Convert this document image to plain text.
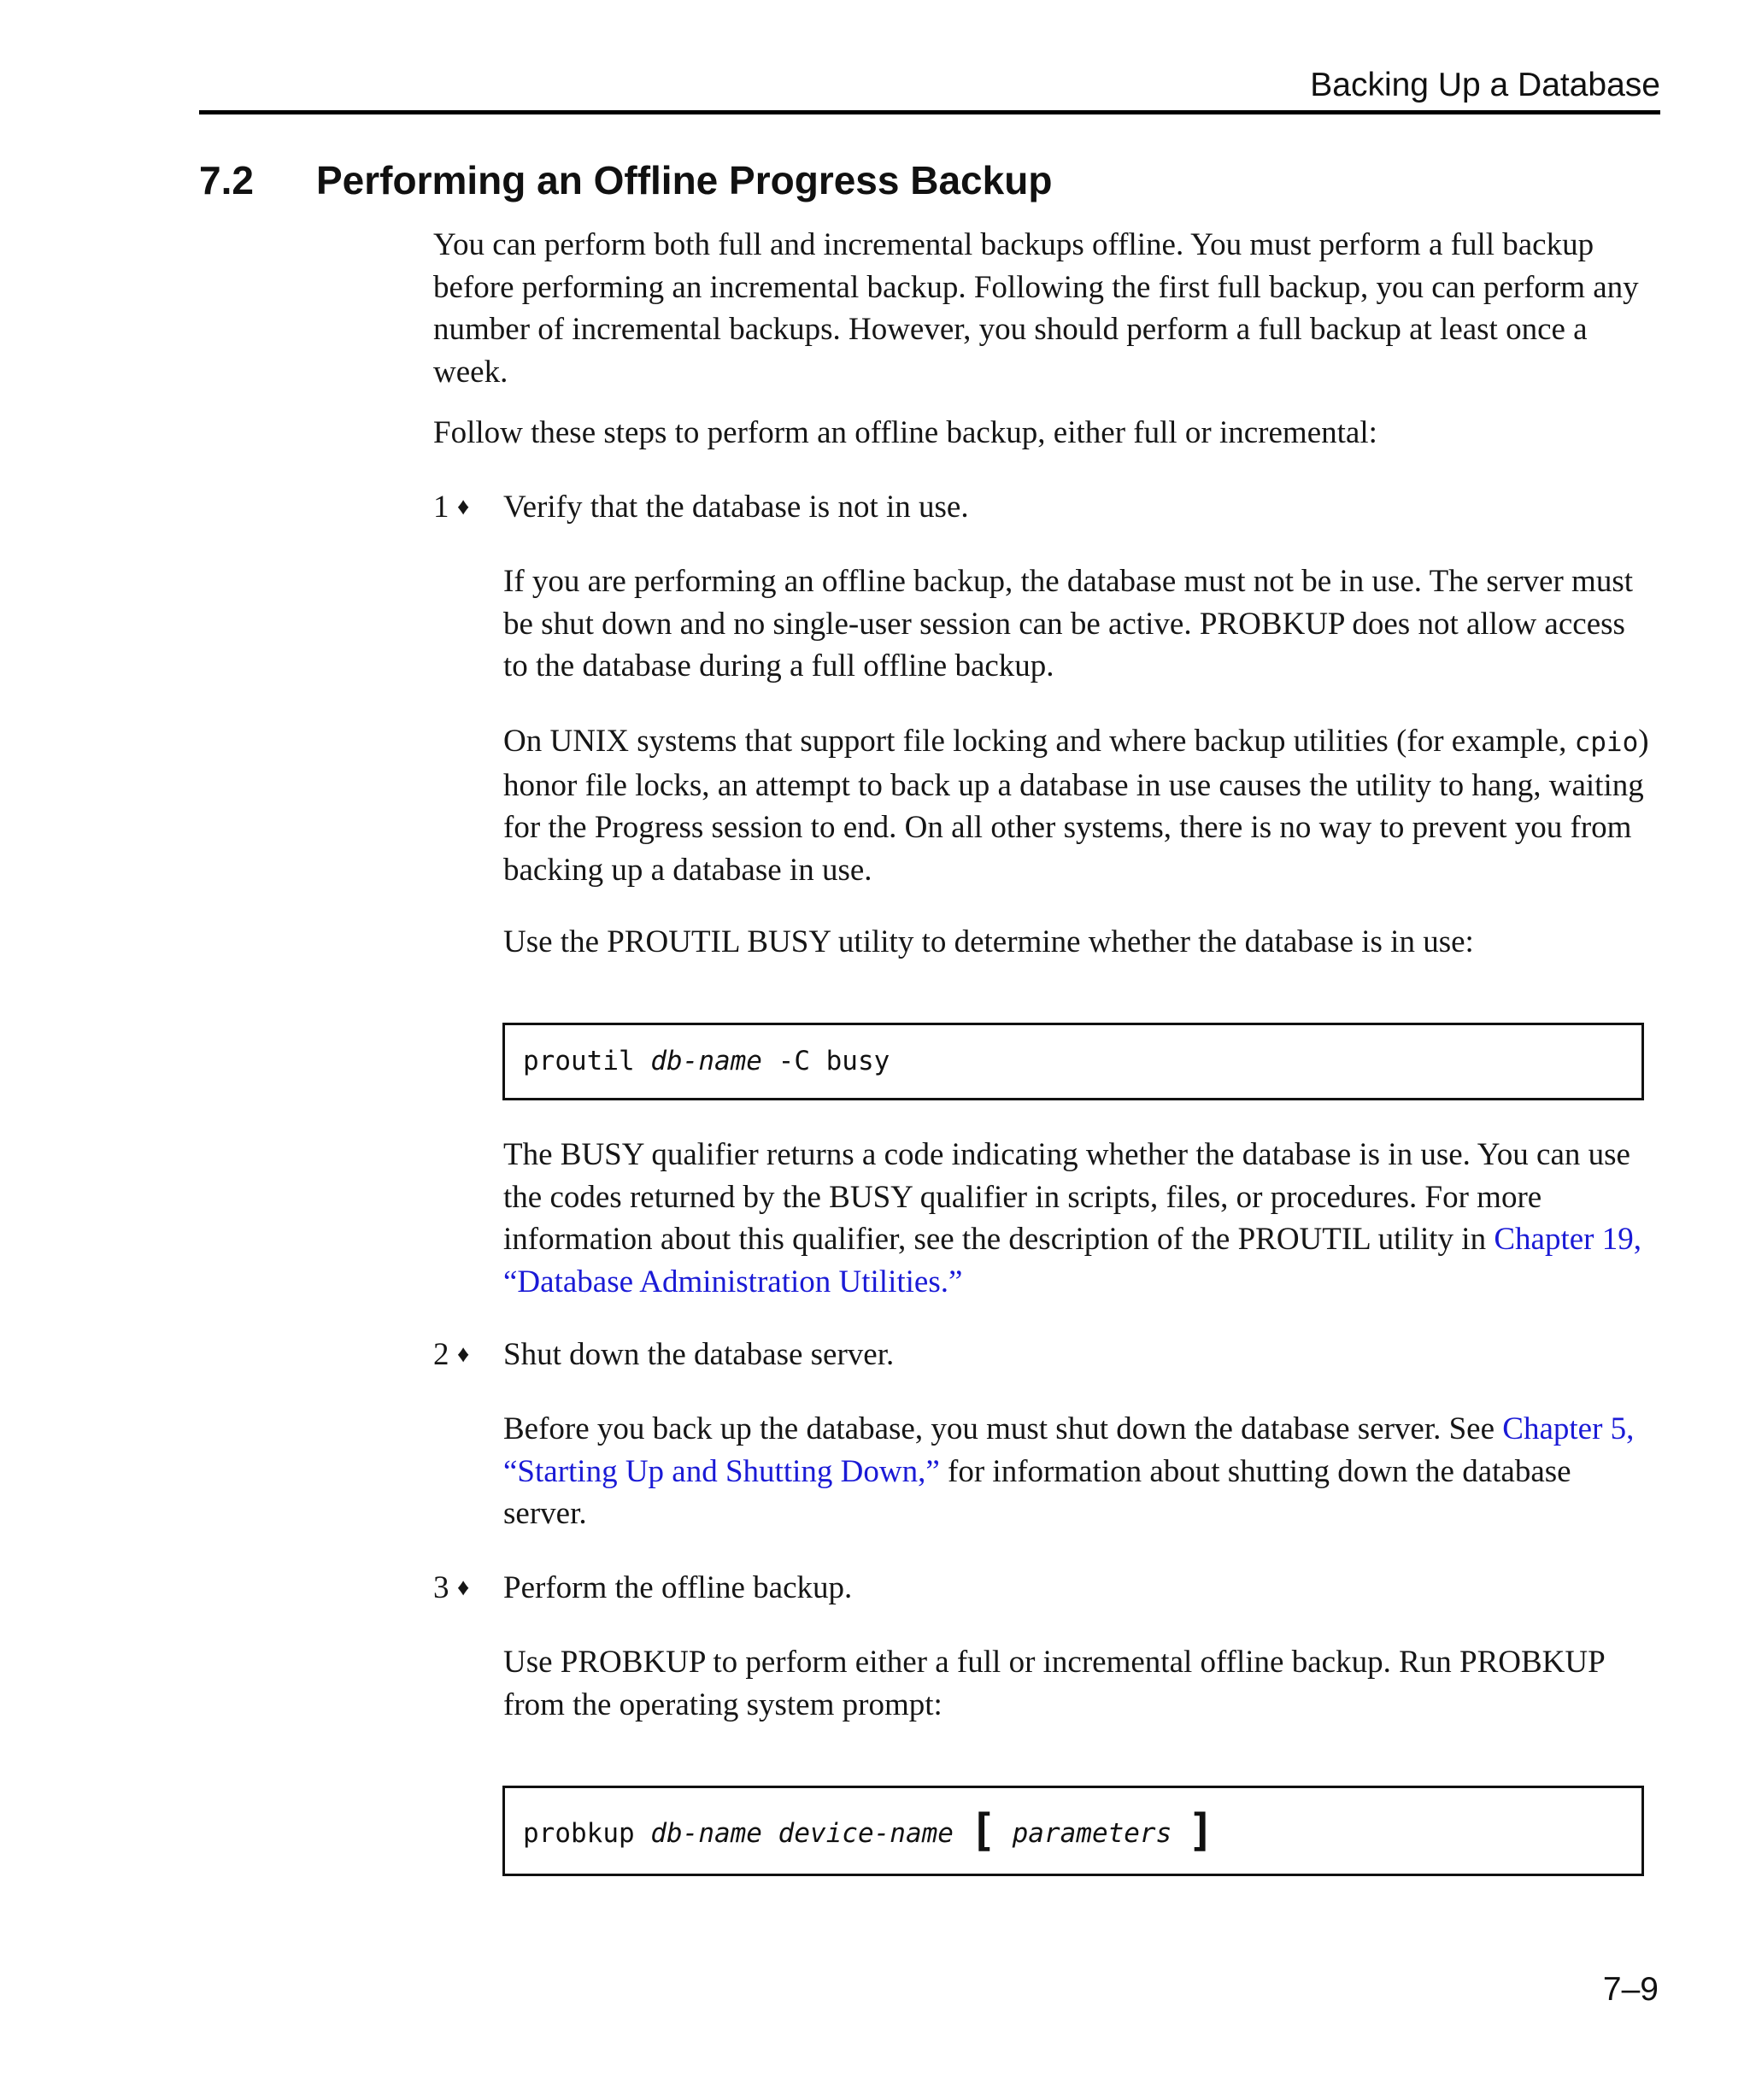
Backing Up a Database
7.2 Performing an Offline Progress Backup

You can perform both full and incremental backups offline. You must perform a full backup before performing an incremental backup. Following the first full backup, you can perform any number of incremental backups. However, you should perform a full backup at least once a week.

Follow these steps to perform an offline backup, either full or incremental:

1 ♦ Verify that the database is not in use.

If you are performing an offline backup, the database must not be in use. The server must be shut down and no single-user session can be active. PROBKUP does not allow access to the database during a full offline backup.

On UNIX systems that support file locking and where backup utilities (for example, cpio) honor file locks, an attempt to back up a database in use causes the utility to hang, waiting for the Progress session to end. On all other systems, there is no way to prevent you from backing up a database in use.

Use the PROUTIL BUSY utility to determine whether the database is in use:

proutil db-name -C busy

The BUSY qualifier returns a code indicating whether the database is in use. You can use the codes returned by the BUSY qualifier in scripts, files, or procedures. For more information about this qualifier, see the description of the PROUTIL utility in Chapter 19, “Database Administration Utilities.”

2 ♦ Shut down the database server.

Before you back up the database, you must shut down the database server. See Chapter 5, “Starting Up and Shutting Down,” for information about shutting down the database server.

3 ♦ Perform the offline backup.

Use PROBKUP to perform either a full or incremental offline backup. Run PROBKUP from the operating system prompt:

probkup db-name device-name [ parameters ]
7–9
